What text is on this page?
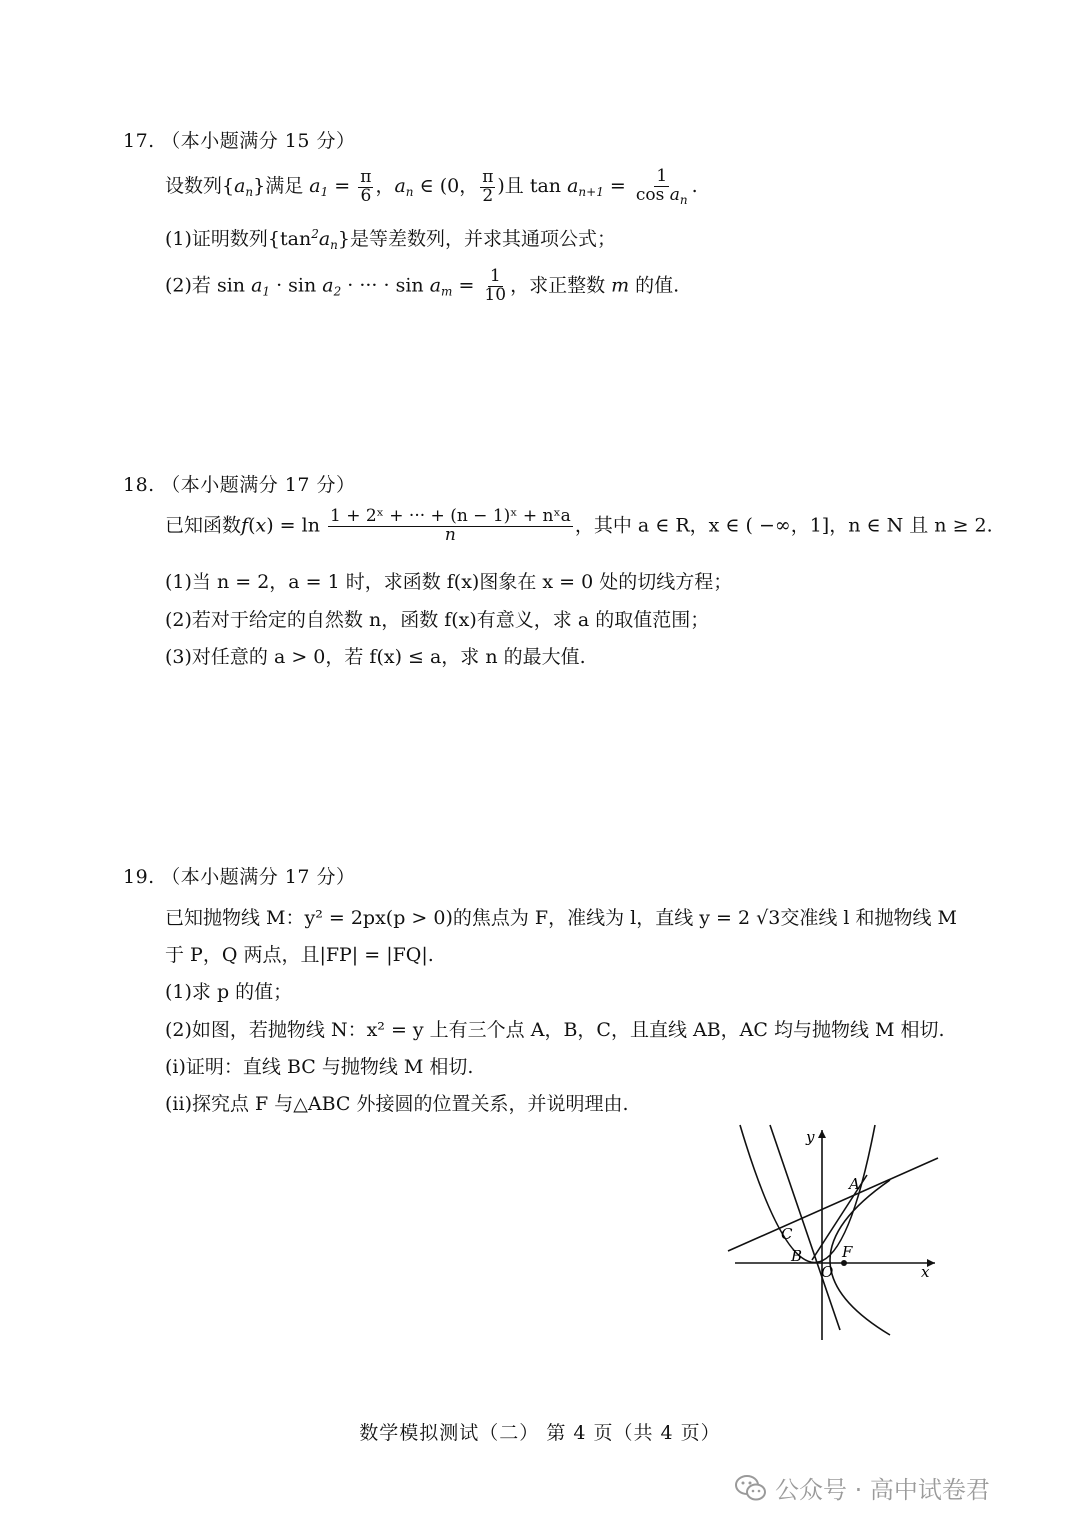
17. （本小题满分 15 分）
设数列$\{a_n\}$满足 $a_1 = \frac{\pi}{6}$ ，$a_n$ ∈ (0， $\frac{\pi}{2}$ )且 $\tan a_{n+1} = \frac{1}{\cos a_n}$ .
(1)证明数列$\{\tan^2a_n\}$是等差数列，并求其通项公式；
(2)若 $\sin a_1 \cdot \sin a_2$ · ··· · $\sin a_m = \frac{1}{10}$ ，求正整数 m 的值.
18. （本小题满分 17 分）
已知函数$f(x) = \ln \frac{\text{1 + 2ˣ + ··· + (n − 1)ˣ + nˣa}}{n}$ ，其中 a ∈ R，x ∈ ( −∞，1]，n ∈ N 且 n ≥ 2.
(1)当 n = 2，a = 1 时，求函数 f(x)图象在 x = 0 处的切线方程；
(2)若对于给定的自然数 n，函数 f(x)有意义，求 a 的取值范围；
(3)对任意的 a > 0，若 f(x) ≤ a，求 n 的最大值.
19. （本小题满分 17 分）
已知抛物线 M：y² = 2px(p > 0)的焦点为 F，准线为 l，直线 y = 2 √3交准线 l 和抛物线 M
于 P，Q 两点，且|FP| = |FQ|.
(1)求 p 的值；
(2)如图，若抛物线 N：x² = y 上有三个点 A，B，C，且直线 AB，AC 均与抛物线 M 相切.
(i)证明：直线 BC 与抛物线 M 相切.
(ii)探究点 F 与△ABC 外接圆的位置关系，并说明理由.
y
x
A
B
C
O
F
数学模拟测试（二） 第 4 页（共 4 页）
公众号 · 高中试卷君
